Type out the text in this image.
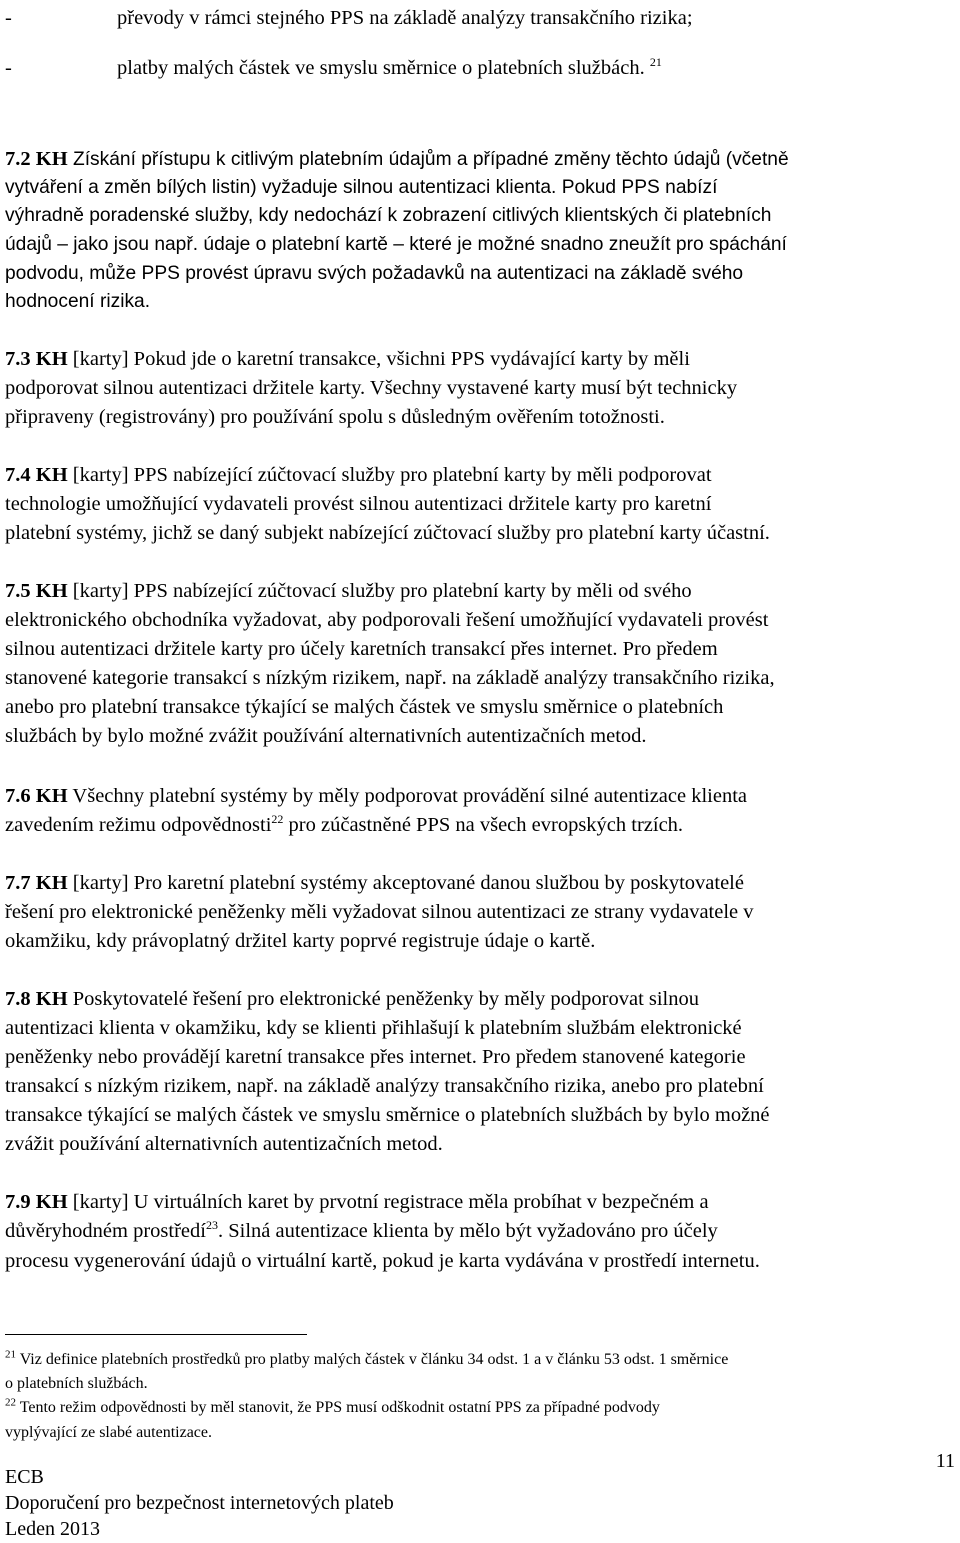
-	převody v rámci stejného PPS na základě analýzy transakčního rizika;
-	platby malých částek ve smyslu směrnice o platebních službách. $^{21}$
7.2 KH Získání přístupu k citlivým platebním údajům a případné změny těchto údajů (včetně
vytváření a změn bílých listin) vyžaduje silnou autentizaci klienta. Pokud PPS nabízí
výhradně poradenské služby, kdy nedochází k zobrazení citlivých klientských či platebních
údajů – jako jsou např. údaje o platební kartě – které je možné snadno zneužít pro spáchání
podvodu, může PPS provést úpravu svých požadavků na autentizaci na základě svého
hodnocení rizika.
7.3 KH [karty] Pokud jde o karetní transakce, všichni PPS vydávající karty by měli
podporovat silnou autentizaci držitele karty. Všechny vystavené karty musí být technicky
připraveny (registrovány) pro používání spolu s důsledným ověřením totožnosti.
7.4 KH [karty] PPS nabízející zúčtovací služby pro platební karty by měli podporovat
technologie umožňující vydavateli provést silnou autentizaci držitele karty pro karetní
platební systémy, jichž se daný subjekt nabízející zúčtovací služby pro platební karty účastní.
7.5 KH [karty] PPS nabízející zúčtovací služby pro platební karty by měli od svého
elektronického obchodníka vyžadovat, aby podporovali řešení umožňující vydavateli provést
silnou autentizaci držitele karty pro účely karetních transakcí přes internet. Pro předem
stanovené kategorie transakcí s nízkým rizikem, např. na základě analýzy transakčního rizika,
anebo pro platební transakce týkající se malých částek ve smyslu směrnice o platebních
službách by bylo možné zvážit používání alternativních autentizačních metod.
7.6 KH Všechny platební systémy by měly podporovat provádění silné autentizace klienta
zavedením režimu odpovědnosti$^{22}$ pro zúčastněné PPS na všech evropských trzích.
7.7 KH [karty] Pro karetní platební systémy akceptované danou službou by poskytovatelé
řešení pro elektronické peněženky měli vyžadovat silnou autentizaci ze strany vydavatele v
okamžiku, kdy právoplatný držitel karty poprvé registruje údaje o kartě.
7.8 KH Poskytovatelé řešení pro elektronické peněženky by měly podporovat silnou
autentizaci klienta v okamžiku, kdy se klienti přihlašují k platebním službám elektronické
peněženky nebo provádějí karetní transakce přes internet. Pro předem stanovené kategorie
transakcí s nízkým rizikem, např. na základě analýzy transakčního rizika, anebo pro platební
transakce týkající se malých částek ve smyslu směrnice o platebních službách by bylo možné
zvážit používání alternativních autentizačních metod.
7.9 KH [karty] U virtuálních karet by prvotní registrace měla probíhat v bezpečném a
důvěryhodném prostředí$^{23}$. Silná autentizace klienta by mělo být vyžadováno pro účely
procesu vygenerování údajů o virtuální kartě, pokud je karta vydávána v prostředí internetu.
$^{21}$ Viz definice platebních prostředků pro platby malých částek v článku 34 odst. 1 a v článku 53 odst. 1 směrnice
o platebních službách.
$^{22}$ Tento režim odpovědnosti by měl stanovit, že PPS musí odškodnit ostatní PPS za případné podvody
vyplývající ze slabé autentizace.
11
ECB
Doporučení pro bezpečnost internetových plateb
Leden 2013
